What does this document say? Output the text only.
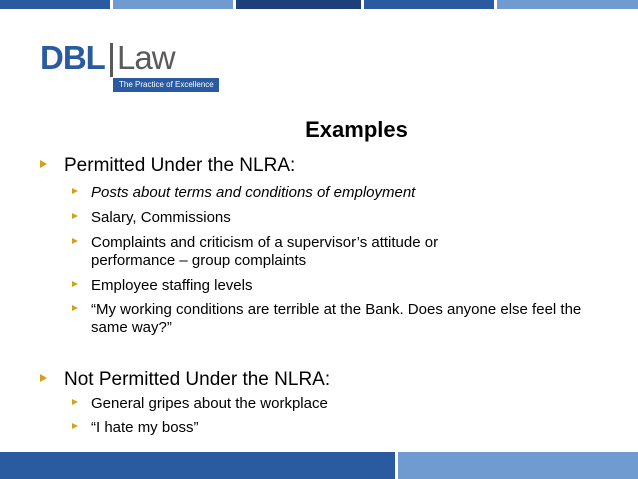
DBL Law
The Practice of Excellence
Examples
Permitted Under the NLRA:
Posts about terms and conditions of employment
Salary, Commissions
Complaints and criticism of a supervisor’s attitude or performance – group complaints
Employee staffing levels
“My working conditions are terrible at the Bank. Does anyone else feel the same way?”
Not Permitted Under the NLRA:
General gripes about the workplace
“I hate my boss”
